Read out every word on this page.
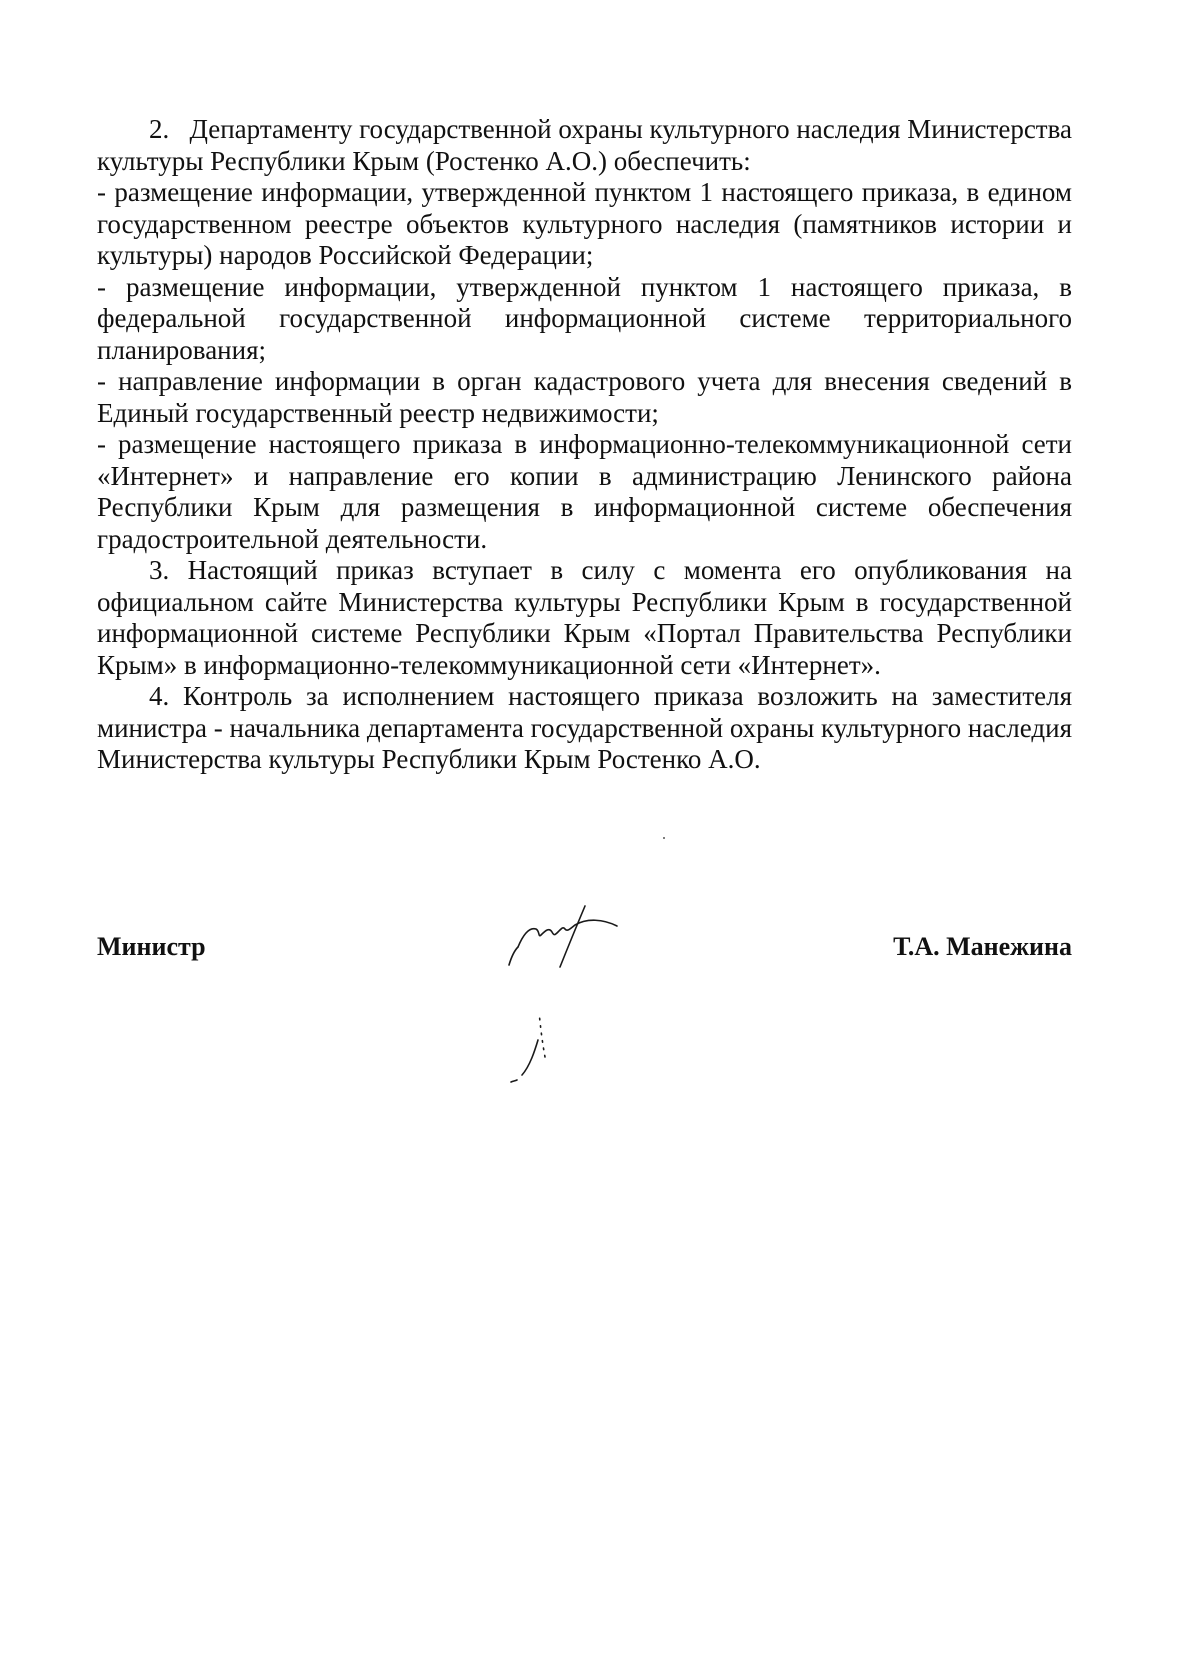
2.   Департаменту государственной охраны культурного наследия Министерства культуры Республики Крым (Ростенко А.О.) обеспечить:

- размещение информации, утвержденной пунктом 1 настоящего приказа, в едином государственном реестре объектов культурного наследия (памятников истории и культуры) народов Российской Федерации;

- размещение информации, утвержденной пунктом 1 настоящего приказа, в федеральной государственной информационной системе территориального планирования;

- направление информации в орган кадастрового учета для внесения сведений в Единый государственный реестр недвижимости;

- размещение настоящего приказа в информационно-телекоммуникационной сети «Интернет» и направление его копии в администрацию Ленинского района Республики Крым для размещения в информационной системе обеспечения градостроительной деятельности.

3. Настоящий приказ вступает в силу с момента его опубликования на официальном сайте Министерства культуры Республики Крым в государственной информационной системе Республики Крым «Портал Правительства Республики Крым» в информационно-телекоммуникационной сети «Интернет».

4. Контроль за исполнением настоящего приказа возложить на заместителя министра - начальника департамента государственной охраны культурного наследия Министерства культуры Республики Крым Ростенко А.О.

Министр	Т.А. Манежина
